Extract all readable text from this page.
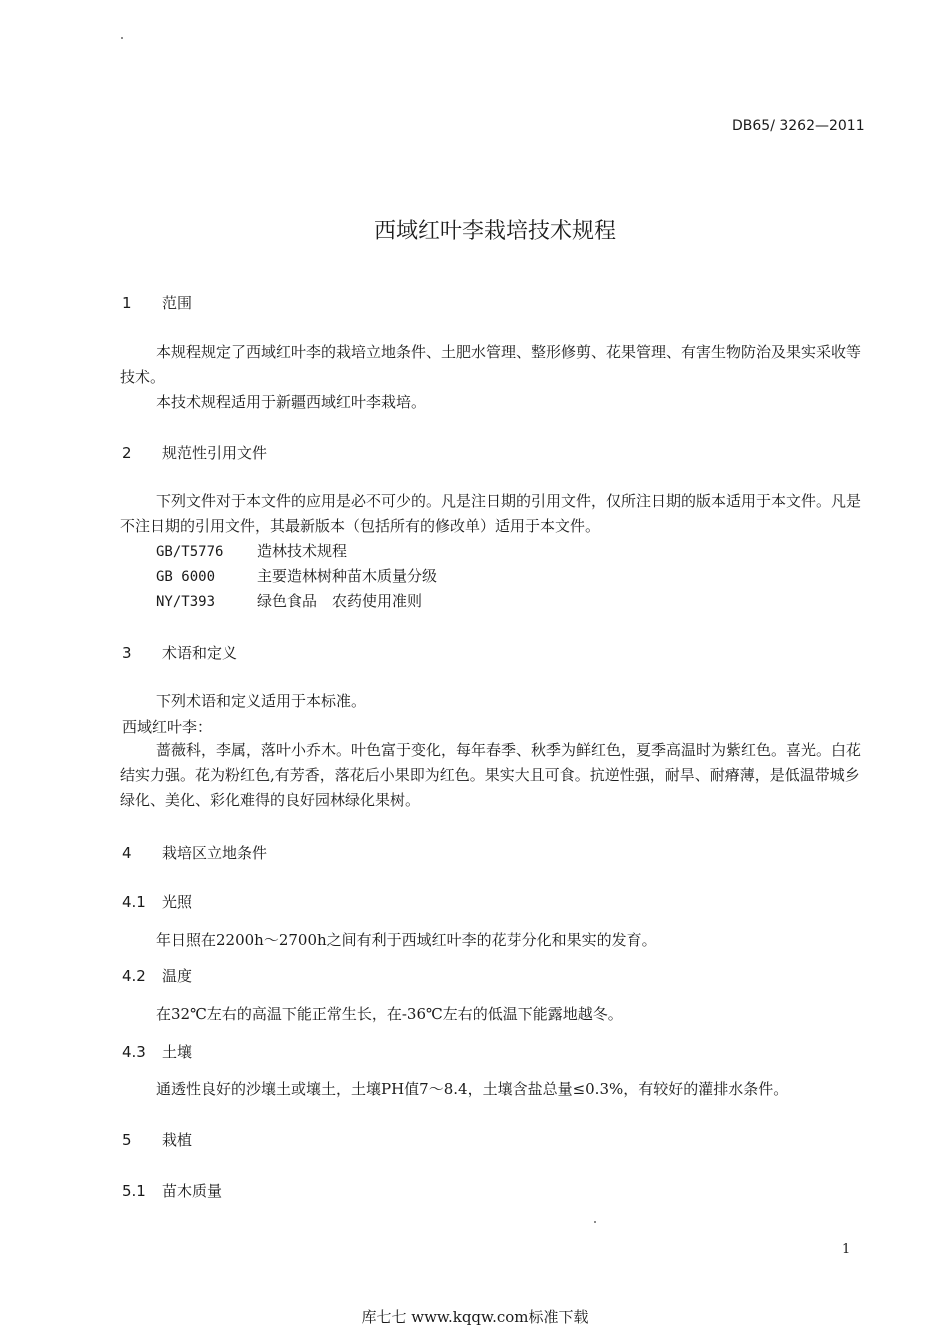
DB65/ 3262—2011
西域红叶李栽培技术规程
1 范围
本规程规定了西域红叶李的栽培立地条件、土肥水管理、整形修剪、花果管理、有害生物防治及果实采收等技术。
本技术规程适用于新疆西域红叶李栽培。
2 规范性引用文件
下列文件对于本文件的应用是必不可少的。凡是注日期的引用文件，仅所注日期的版本适用于本文件。凡是不注日期的引用文件，其最新版本（包括所有的修改单）适用于本文件。
GB/T5776 造林技术规程
GB 6000	主要造林树种苗木质量分级
NY/T393	绿色食品　农药使用准则
3 术语和定义
下列术语和定义适用于本标准。
西域红叶李：
蔷薇科，李属，落叶小乔木。叶色富于变化，每年春季、秋季为鲜红色，夏季高温时为紫红色。喜光。白花结实力强。花为粉红色,有芳香，落花后小果即为红色。果实大且可食。抗逆性强，耐旱、耐瘠薄，是低温带城乡绿化、美化、彩化难得的良好园林绿化果树。
4 栽培区立地条件
4.1 光照
年日照在2200h～2700h之间有利于西域红叶李的花芽分化和果实的发育。
4.2 温度
在32℃左右的高温下能正常生长，在-36℃左右的低温下能露地越冬。
4.3 土壤
通透性良好的沙壤土或壤土，土壤PH值7～8.4，土壤含盐总量≤0.3%，有较好的灌排水条件。
5 栽植
5.1 苗木质量
1
库七七 www.kqqw.com标准下载
